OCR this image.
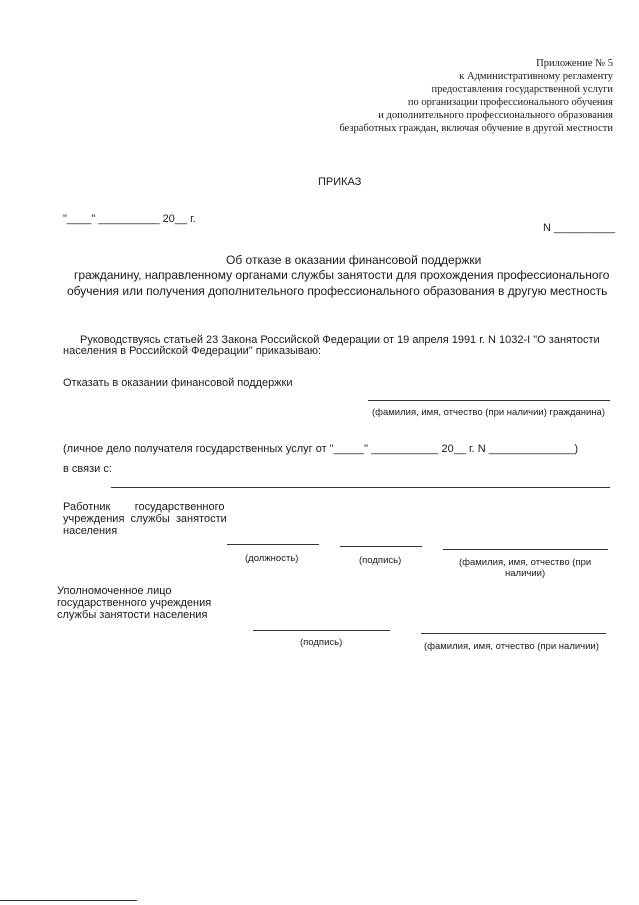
Приложение № 5
к Административному регламенту
предоставления государственной услуги
по организации профессионального обучения
и дополнительного профессионального образования
безработных граждан, включая обучение в другой местности
ПРИКАЗ
"____" __________ 20__ г.
N __________
Об отказе в оказании финансовой поддержки
гражданину, направленному органами службы занятости для прохождения профессионального
обучения или получения дополнительного профессионального образования в другую местность
Руководствуясь статьей 23 Закона Российской Федерации от 19 апреля 1991 г. N 1032-I "О занятости
населения в Российской Федерации" приказываю:
Отказать в оказании финансовой поддержки
(фамилия, имя, отчество (при наличии) гражданина)
(личное дело получателя государственных услуг от "_____" ___________ 20__ г. N ______________)
в связи с:
Работник        государственного
учреждения  службы  занятости
населения
(должность)	(подпись)	(фамилия, имя, отчество (при
наличии)
Уполномоченное лицо
государственного учреждения
службы занятости населения
(подпись)	(фамилия, имя, отчество (при наличии)
